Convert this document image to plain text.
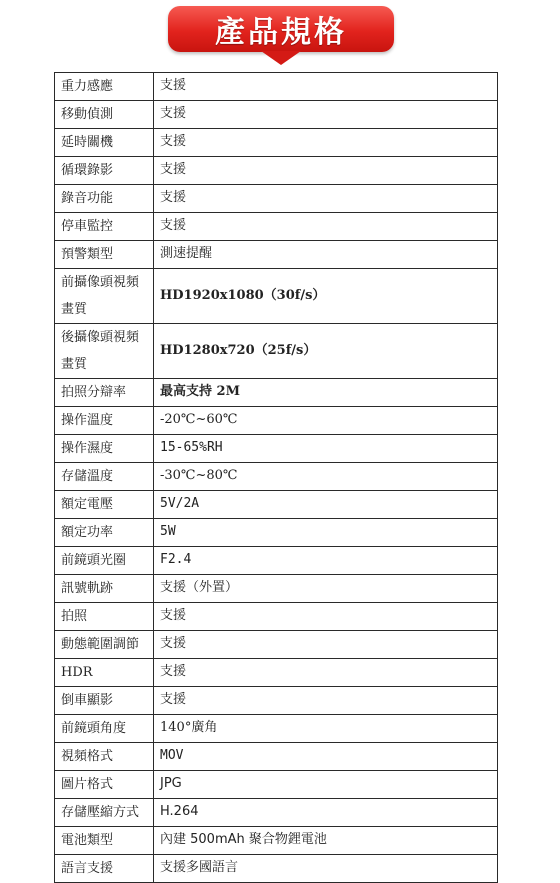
產品規格
重力感應	支援
移動偵測	支援
延時關機	支援
循環錄影	支援
錄音功能	支援
停車監控	支援
預警類型	測速提醒
前攝像頭視頻畫質	HD1920x1080（30f/s）
後攝像頭視頻畫質	HD1280x720（25f/s）
拍照分辯率	最高支持 2M
操作溫度	-20℃~60℃
操作濕度	15-65%RH
存儲溫度	-30℃~80℃
額定電壓	5V/2A
額定功率	5W
前鏡頭光圈	F2.4
訊號軌跡	支援（外置）
拍照	支援
動態範圍調節	支援
HDR	支援
倒車顯影	支援
前鏡頭角度	140°廣角
視頻格式	MOV
圖片格式	JPG
存儲壓縮方式	H.264
電池類型	內建 500mAh 聚合物鋰電池
語言支援	支援多國語言
